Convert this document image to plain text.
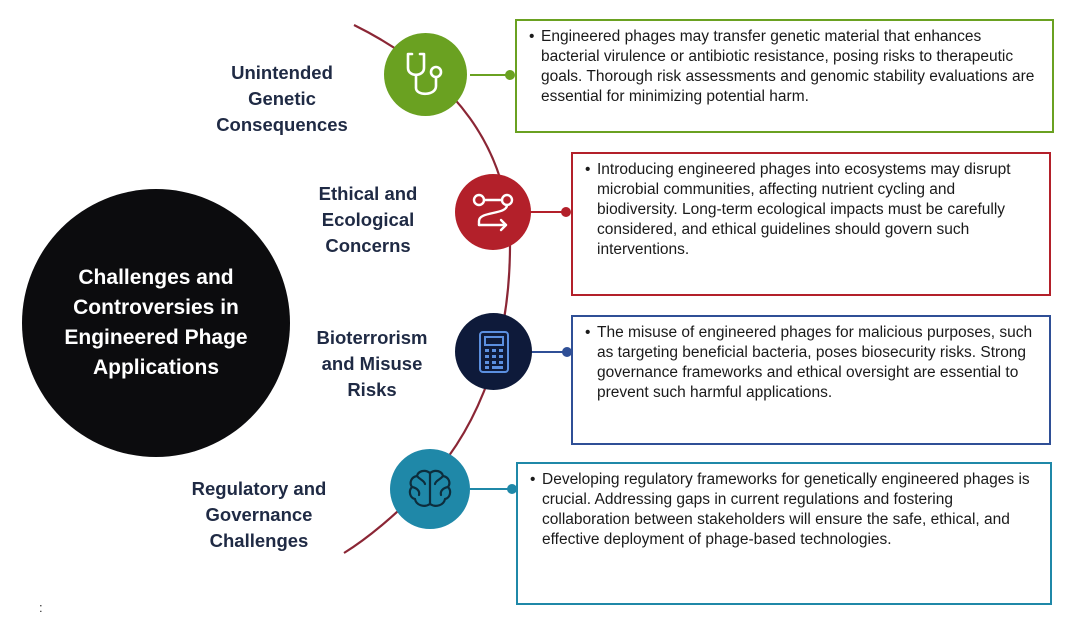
Challenges and Controversies in Engineered Phage Applications

Unintended Genetic Consequences

Ethical and Ecological Concerns

Bioterrorism and Misuse Risks

Regulatory and Governance Challenges

• Engineered phages may transfer genetic material that enhances bacterial virulence or antibiotic resistance, posing risks to therapeutic goals. Thorough risk assessments and genomic stability evaluations are essential for minimizing potential harm.
• Introducing engineered phages into ecosystems may disrupt microbial communities, affecting nutrient cycling and biodiversity. Long-term ecological impacts must be carefully considered, and ethical guidelines should govern such interventions.
• The misuse of engineered phages for malicious purposes, such as targeting beneficial bacteria, poses biosecurity risks. Strong governance frameworks and ethical oversight are essential to prevent such harmful applications.
• Developing regulatory frameworks for genetically engineered phages is crucial. Addressing gaps in current regulations and fostering collaboration between stakeholders will ensure the safe, ethical, and effective deployment of phage-based technologies.
:
